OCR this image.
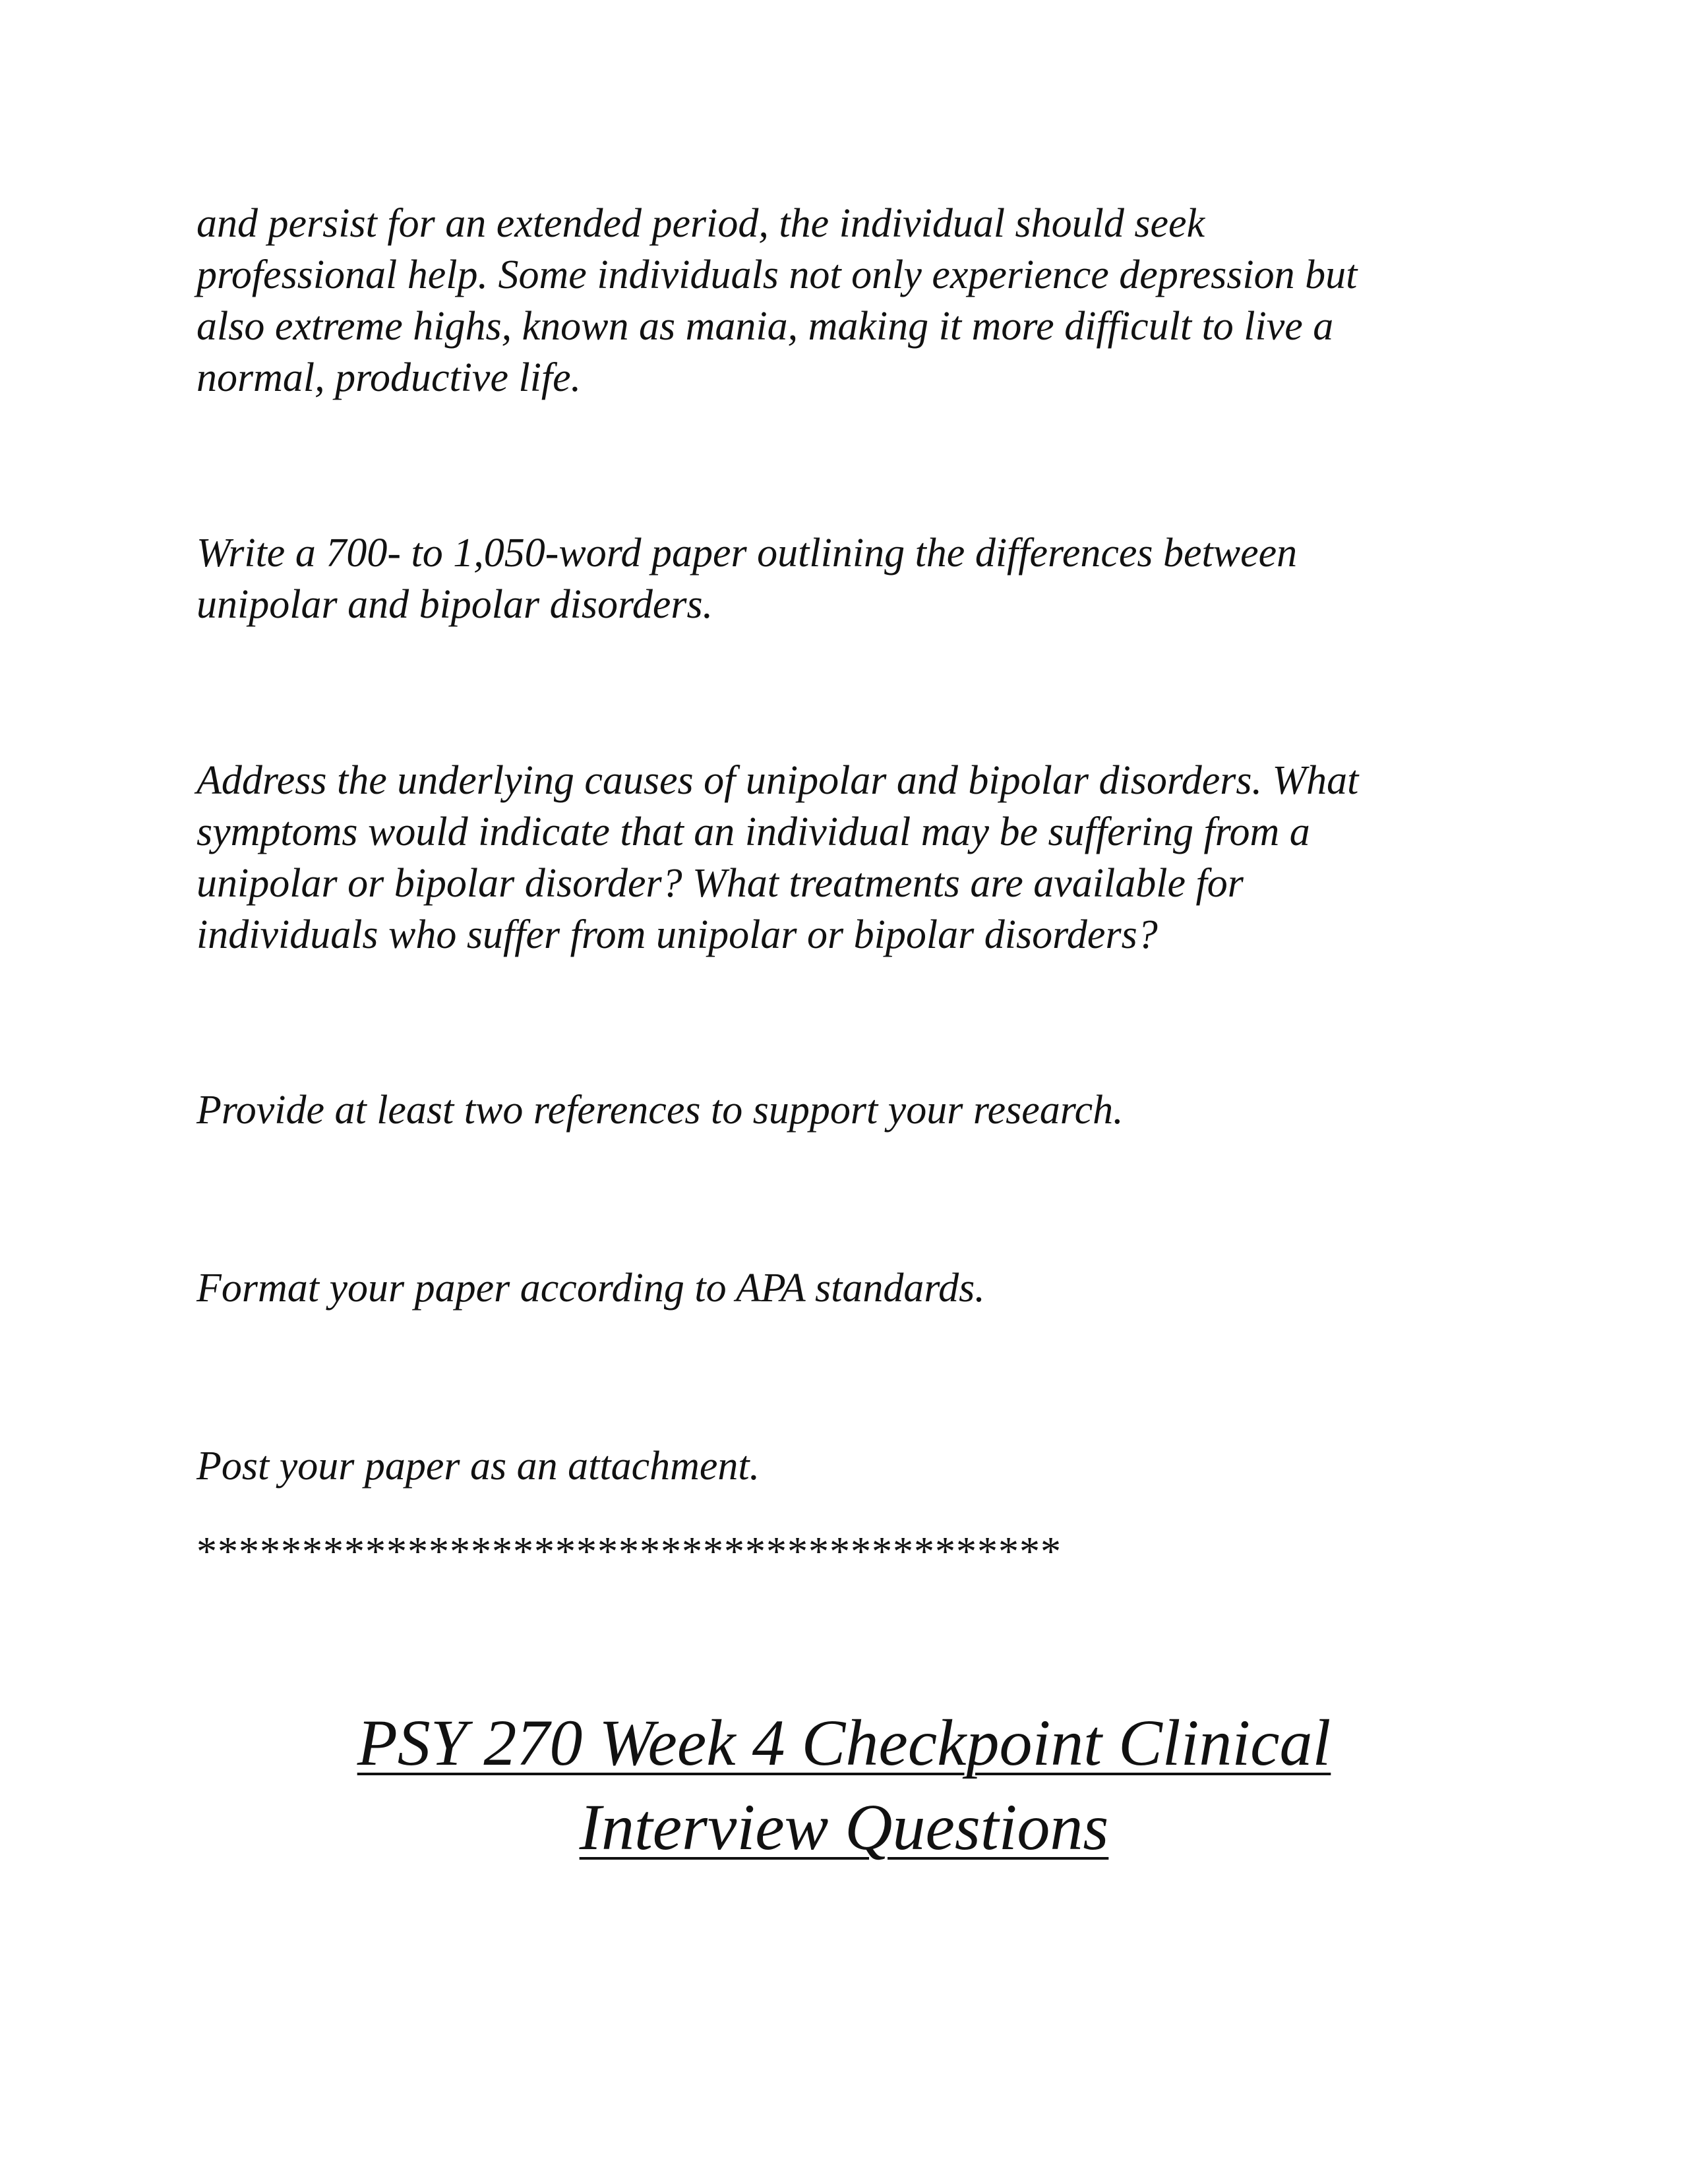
and persist for an extended period, the individual should seek
professional help. Some individuals not only experience depression but
also extreme highs, known as mania, making it more difficult to live a
normal, productive life.

Write a 700- to 1,050-word paper outlining the differences between
unipolar and bipolar disorders.

Address the underlying causes of unipolar and bipolar disorders. What
symptoms would indicate that an individual may be suffering from a
unipolar or bipolar disorder? What treatments are available for
individuals who suffer from unipolar or bipolar disorders?

Provide at least two references to support your research.

Format your paper according to APA standards.

Post your paper as an attachment.

*****************************************

PSY 270 Week 4 Checkpoint Clinical
Interview Questions
